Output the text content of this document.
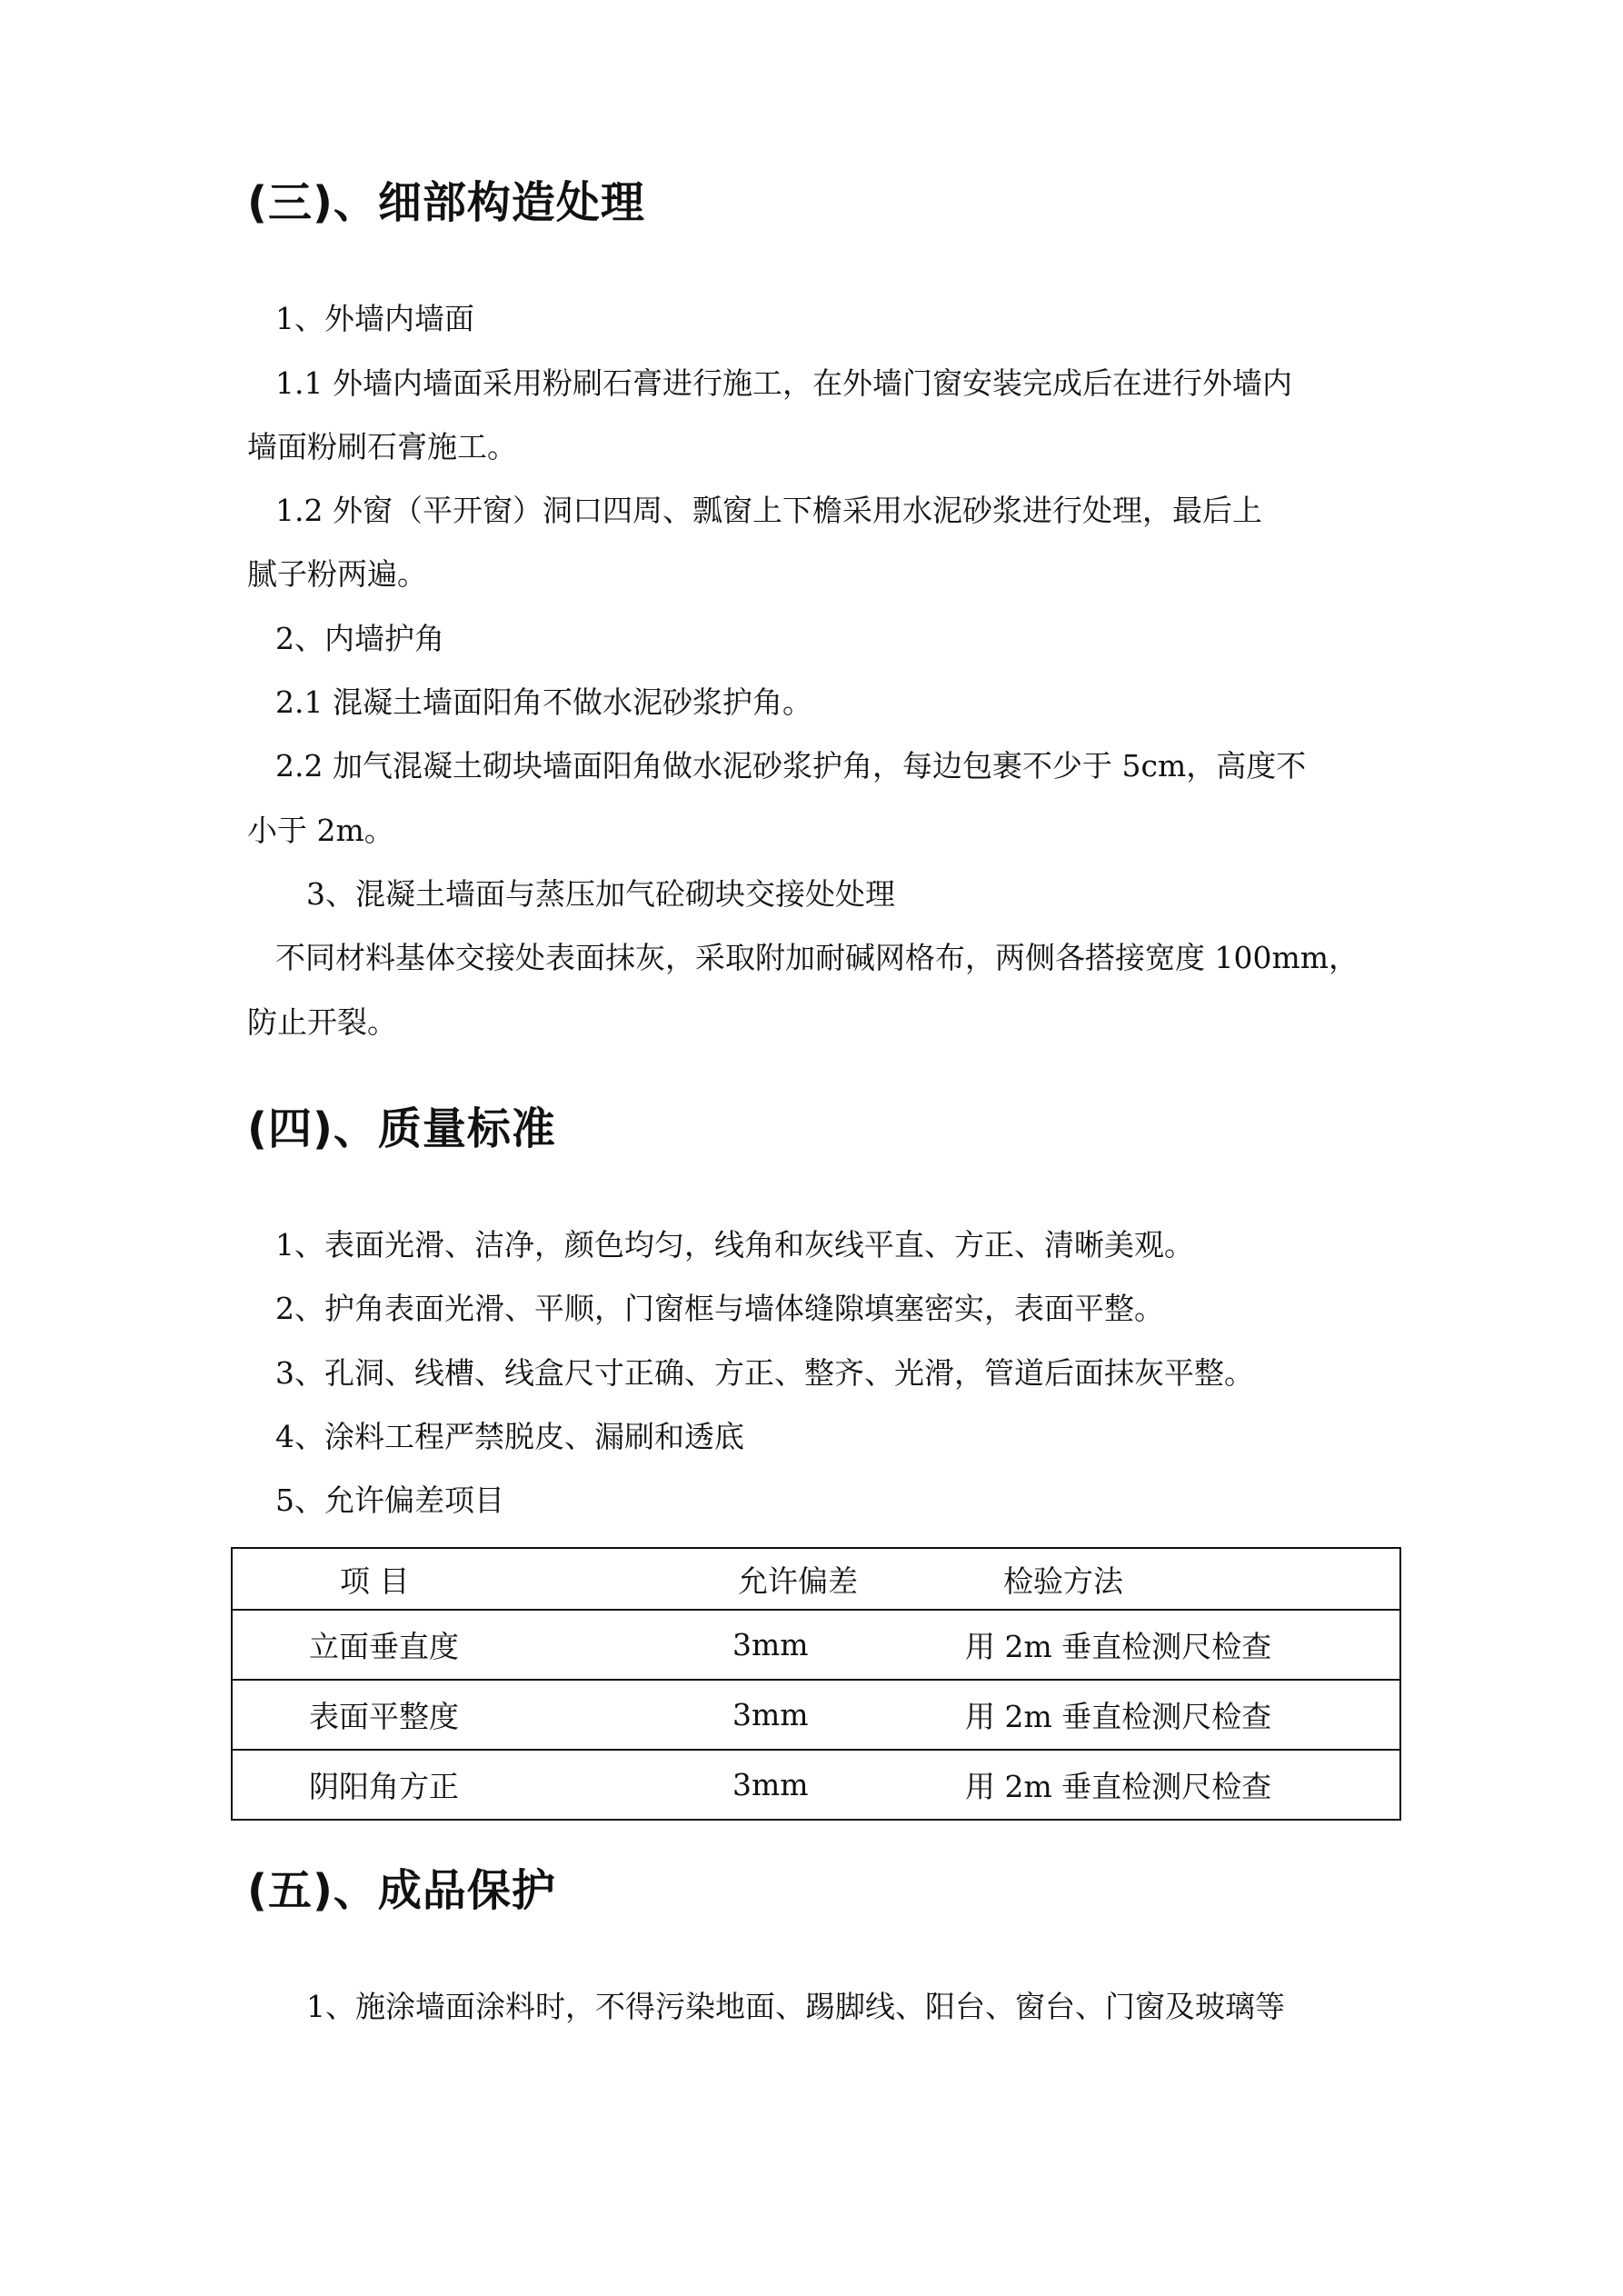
(三)、细部构造处理

1、外墙内墙面

1.1 外墙内墙面采用粉刷石膏进行施工，在外墙门窗安装完成后在进行外墙内

墙面粉刷石膏施工。

1.2 外窗（平开窗）洞口四周、瓢窗上下檐采用水泥砂浆进行处理，最后上

腻子粉两遍。

2、内墙护角

2.1 混凝土墙面阳角不做水泥砂浆护角。

2.2 加气混凝土砌块墙面阳角做水泥砂浆护角，每边包裹不少于 5cm，高度不

小于 2m。

3、混凝土墙面与蒸压加气砼砌块交接处处理

不同材料基体交接处表面抹灰，采取附加耐碱网格布，两侧各搭接宽度 100mm，

防止开裂。

(四)、质量标准

1、表面光滑、洁净，颜色均匀，线角和灰线平直、方正、清晰美观。

2、护角表面光滑、平顺，门窗框与墙体缝隙填塞密实，表面平整。

3、孔洞、线槽、线盒尺寸正确、方正、整齐、光滑，管道后面抹灰平整。

4、涂料工程严禁脱皮、漏刷和透底

5、允许偏差项目

项 目	允许偏差	检验方法
立面垂直度	3mm	用 2m 垂直检测尺检查
表面平整度	3mm	用 2m 垂直检测尺检查
阴阳角方正	3mm	用 2m 垂直检测尺检查
(五)、成品保护

1、施涂墙面涂料时，不得污染地面、踢脚线、阳台、窗台、门窗及玻璃等
